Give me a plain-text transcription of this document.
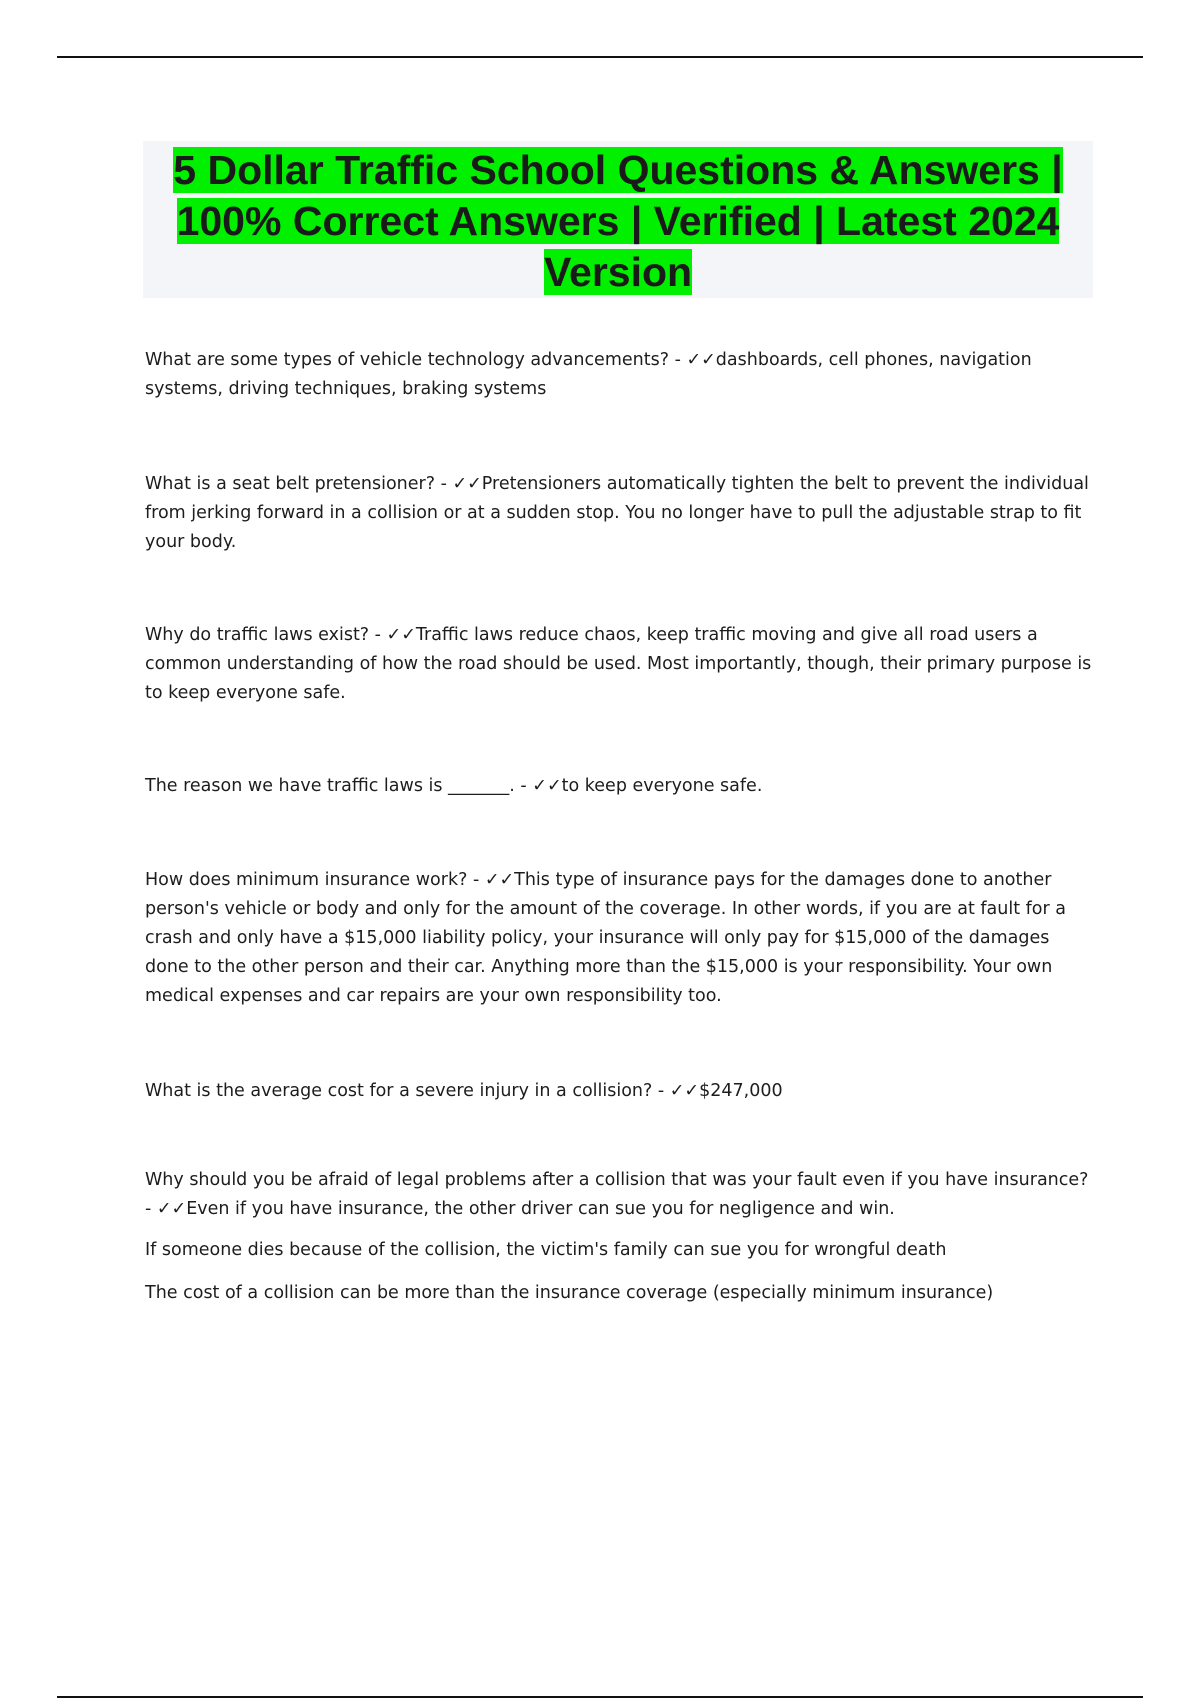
5 Dollar Traffic School Questions & Answers | 100% Correct Answers | Verified | Latest 2024 Version

What are some types of vehicle technology advancements? - ✓✓dashboards, cell phones, navigation systems, driving techniques, braking systems

What is a seat belt pretensioner? - ✓✓Pretensioners automatically tighten the belt to prevent the individual from jerking forward in a collision or at a sudden stop. You no longer have to pull the adjustable strap to fit your body.

Why do traffic laws exist? - ✓✓Traffic laws reduce chaos, keep traffic moving and give all road users a common understanding of how the road should be used. Most importantly, though, their primary purpose is to keep everyone safe.

The reason we have traffic laws is _______. - ✓✓to keep everyone safe.

How does minimum insurance work? - ✓✓This type of insurance pays for the damages done to another person's vehicle or body and only for the amount of the coverage. In other words, if you are at fault for a crash and only have a $15,000 liability policy, your insurance will only pay for $15,000 of the damages done to the other person and their car. Anything more than the $15,000 is your responsibility. Your own medical expenses and car repairs are your own responsibility too.

What is the average cost for a severe injury in a collision? - ✓✓$247,000

Why should you be afraid of legal problems after a collision that was your fault even if you have insurance? - ✓✓Even if you have insurance, the other driver can sue you for negligence and win.

If someone dies because of the collision, the victim's family can sue you for wrongful death

The cost of a collision can be more than the insurance coverage (especially minimum insurance)
